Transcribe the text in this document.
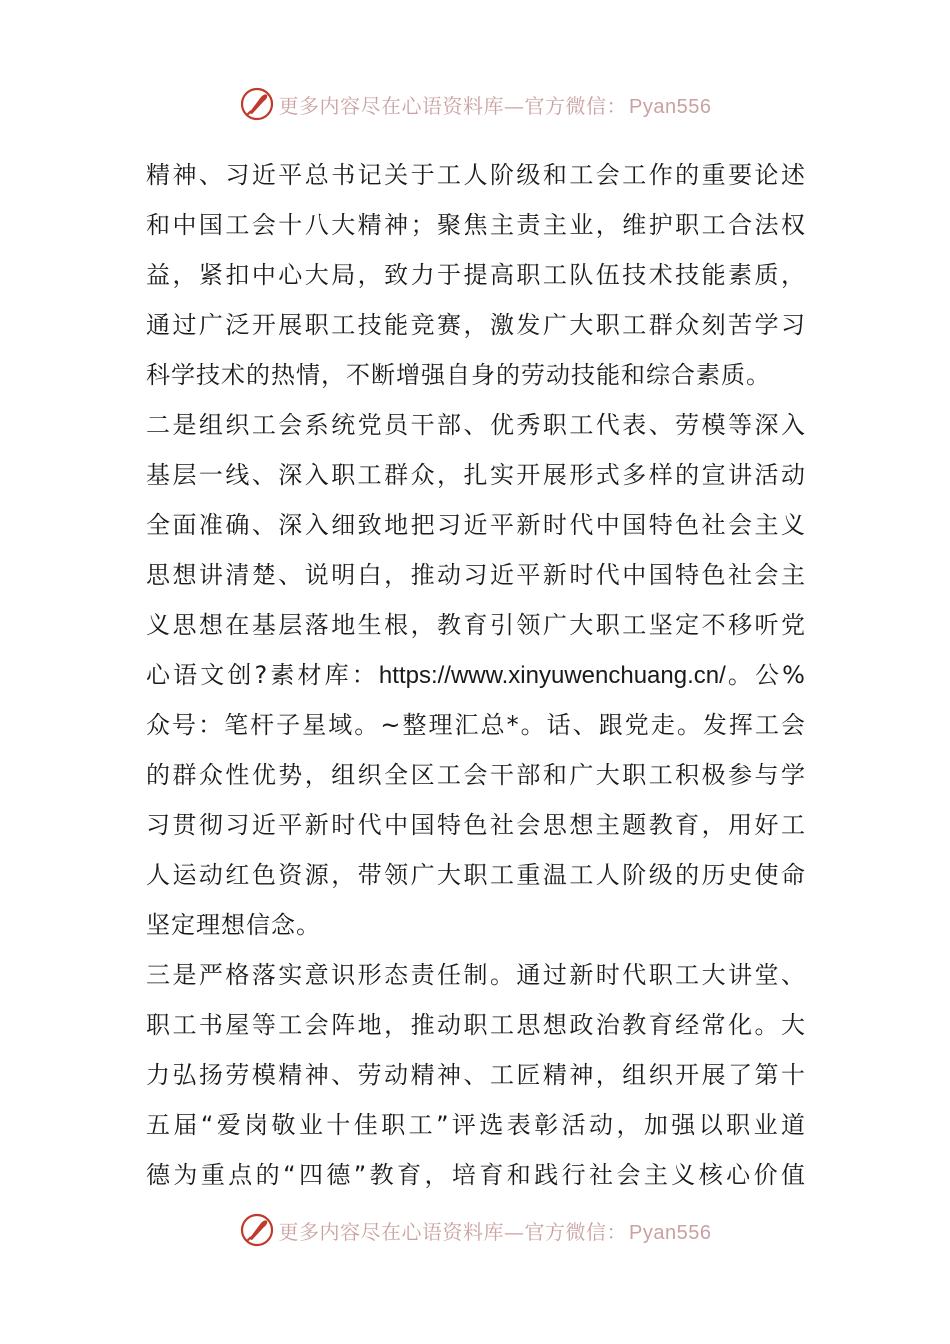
更多内容尽在心语资料库—官方微信： Pyan556
精神、习近平总书记关于工人阶级和工会工作的重要论述
和中国工会十八大精神；聚焦主责主业，维护职工合法权
益，紧扣中心大局，致力于提高职工队伍技术技能素质，
通过广泛开展职工技能竞赛，激发广大职工群众刻苦学习
科学技术的热情，不断增强自身的劳动技能和综合素质。
二是组织工会系统党员干部、优秀职工代表、劳模等深入
基层一线、深入职工群众，扎实开展形式多样的宣讲活动
全面准确、深入细致地把习近平新时代中国特色社会主义
思想讲清楚、说明白，推动习近平新时代中国特色社会主
义思想在基层落地生根，教育引领广大职工坚定不移听党
心语文创?素材库：https://www.xinyuwenchuang.cn/。公%
众号：笔杆子星域。~整理汇总*。话、跟党走。发挥工会
的群众性优势，组织全区工会干部和广大职工积极参与学
习贯彻习近平新时代中国特色社会思想主题教育，用好工
人运动红色资源，带领广大职工重温工人阶级的历史使命
坚定理想信念。
三是严格落实意识形态责任制。通过新时代职工大讲堂、
职工书屋等工会阵地，推动职工思想政治教育经常化。大
力弘扬劳模精神、劳动精神、工匠精神，组织开展了第十
五届“爱岗敬业十佳职工”评选表彰活动，加强以职业道
德为重点的“四德”教育，培育和践行社会主义核心价值
更多内容尽在心语资料库—官方微信： Pyan556
